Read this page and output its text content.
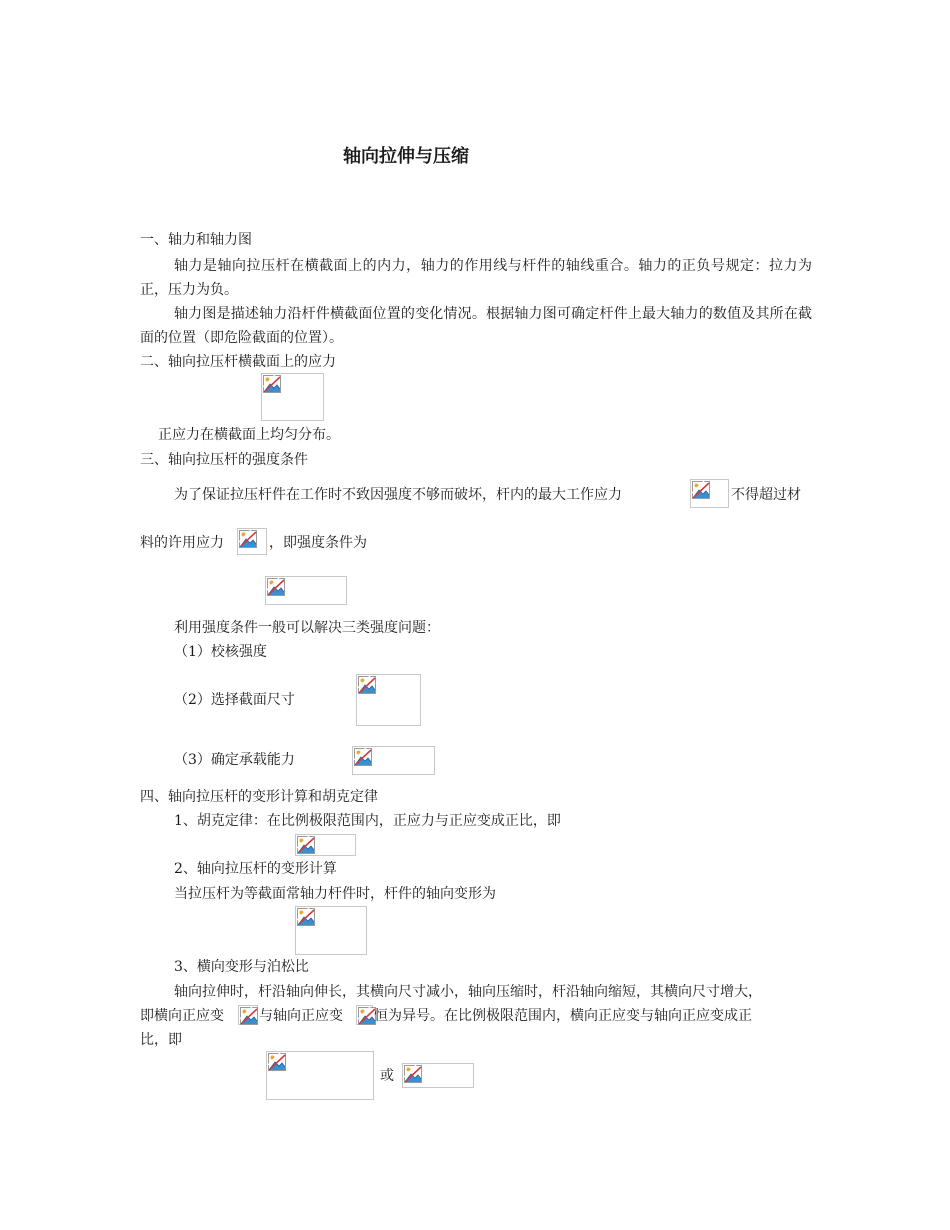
轴向拉伸与压缩
一、轴力和轴力图
轴力是轴向拉压杆在横截面上的内力，轴力的作用线与杆件的轴线重合。轴力的正负号规定：拉力为正，压力为负。
轴力图是描述轴力沿杆件横截面位置的变化情况。根据轴力图可确定杆件上最大轴力的数值及其所在截面的位置（即危险截面的位置）。
二、轴向拉压杆横截面上的应力
正应力在横截面上均匀分布。
三、轴向拉压杆的强度条件
为了保证拉压杆件在工作时不致因强度不够而破坏，杆内的最大工作应力	不得超过材
料的许用应力	，即强度条件为
利用强度条件一般可以解决三类强度问题：
（1）校核强度
（2）选择截面尺寸
（3）确定承载能力
四、轴向拉压杆的变形计算和胡克定律
1、胡克定律：在比例极限范围内，正应力与正应变成正比，即
2、轴向拉压杆的变形计算
当拉压杆为等截面常轴力杆件时，杆件的轴向变形为
3、横向变形与泊松比
轴向拉伸时，杆沿轴向伸长，其横向尺寸减小，轴向压缩时，杆沿轴向缩短，其横向尺寸增大，
即横向正应变	与轴向正应变 恒为异号。在比例极限范围内，横向正应变与轴向正应变成正
比，即
或
